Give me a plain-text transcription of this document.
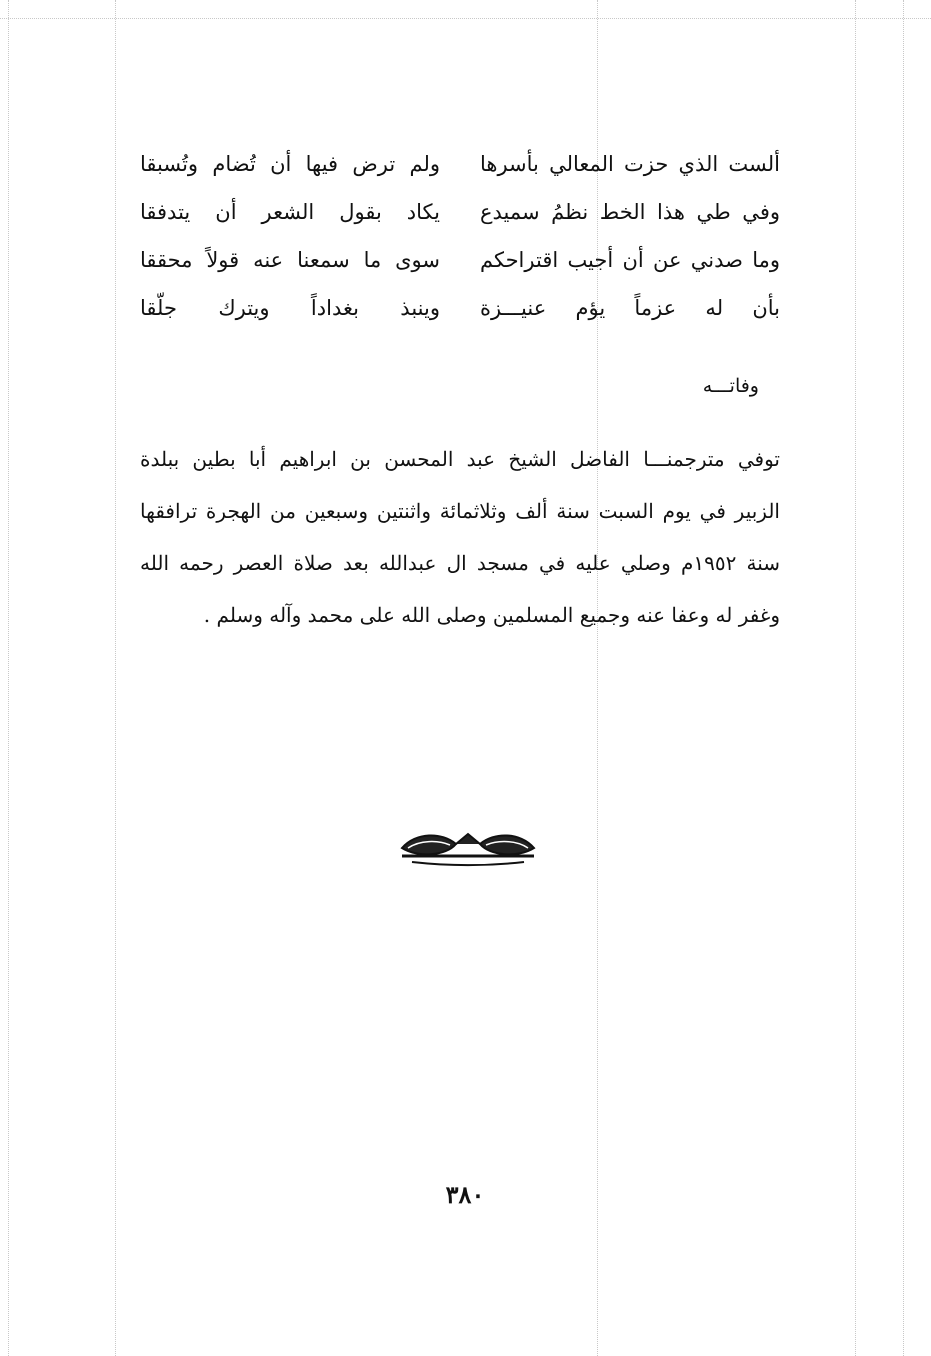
ألست الذي حزت المعالي بأسرها
ولم ترض فيها أن تُضام وتُسبقا
وفي طي هذا الخط نظمُ سميدع
يكاد بقول الشعر أن يتدفقا
وما صدني عن أن أجيب اقتراحكم
سوى ما سمعنا عنه قولاً محققا
بأن له عزماً يؤم عنيـــزة
وينبذ بغداداً ويترك جلّقا
وفاتـــه
توفي مترجمنـــا الفاضل الشيخ عبد المحسن بن ابراهيم أبا بطين ببلدة
الزبير في يوم السبت سنة ألف وثلاثمائة واثنتين وسبعين من الهجرة ترافقها
سنة ١٩٥٢م وصلي عليه في مسجد ال عبدالله بعد صلاة العصر رحمه الله
وغفر له وعفا عنه وجميع المسلمين وصلى الله على محمد وآله وسلم .
٣٨٠
